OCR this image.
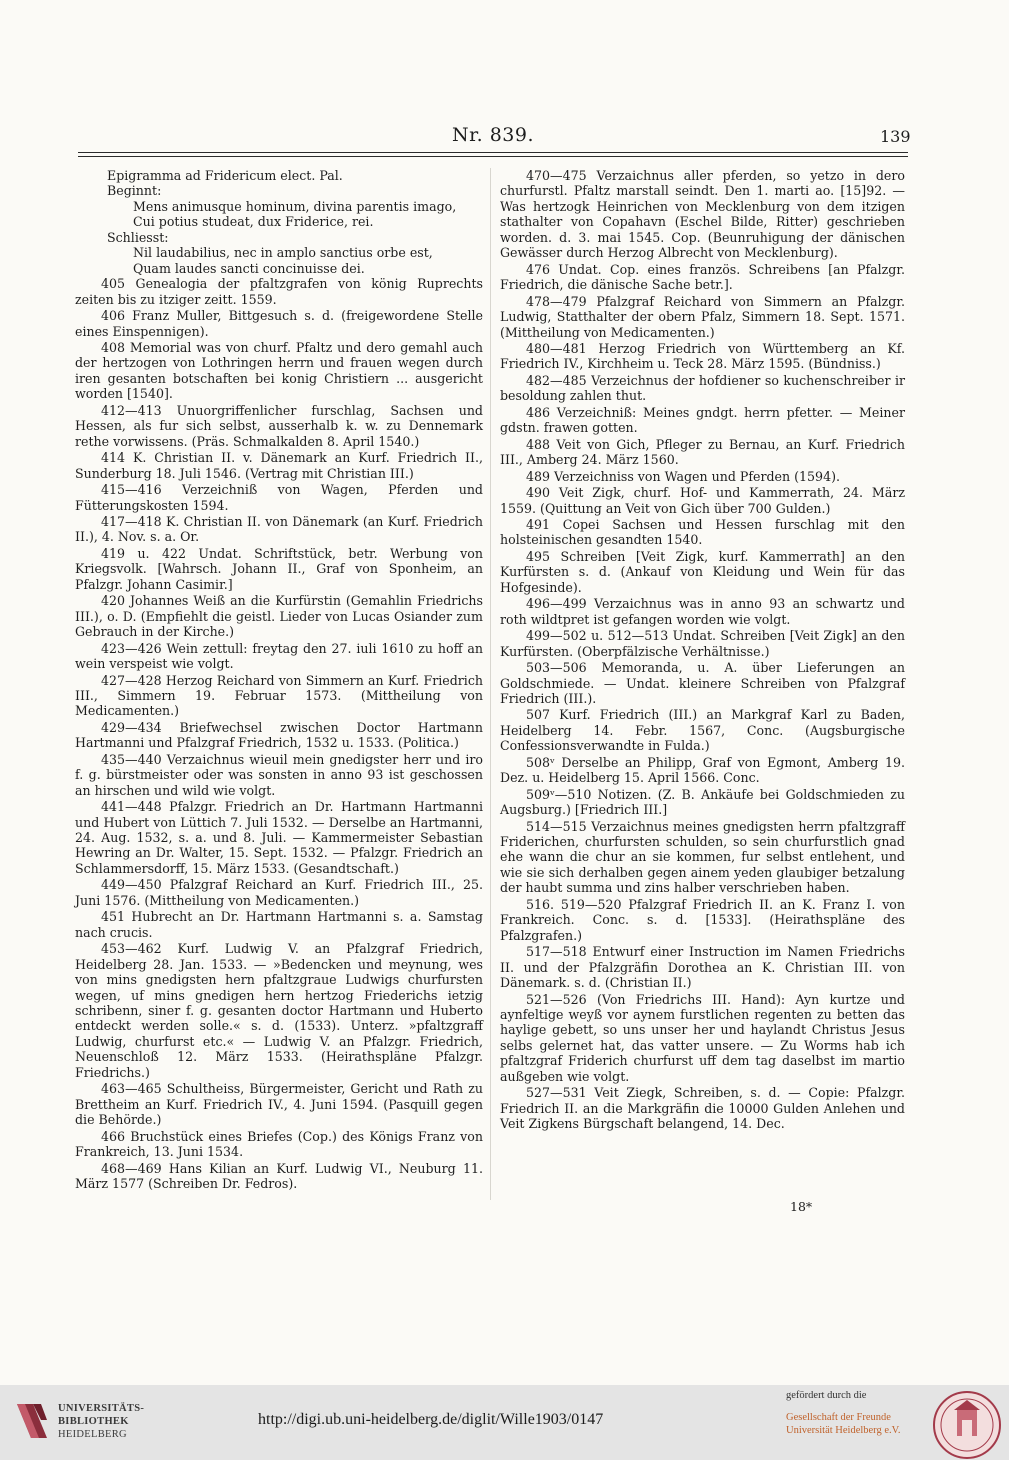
Nr. 839.	139
Epigramma ad Fridericum elect. Pal.
Beginnt:
Mens animusque hominum, divina parentis imago,
Cui potius studeat, dux Friderice, rei.
Schliesst:
Nil laudabilius, nec in amplo sanctius orbe est,
Quam laudes sancti concinuisse dei.

405 Genealogia der pfaltzgrafen von könig Ruprechts zeiten bis zu itziger zeitt. 1559.

406 Franz Muller, Bittgesuch s. d. (freigewordene Stelle eines Einspennigen).

408 Memorial was von churf. Pfaltz und dero gemahl auch der hertzogen von Lothringen herrn und frauen wegen durch iren gesanten botschaften bei konig Christiern ... ausgericht worden [1540].

412—413 Unuorgriffenlicher furschlag, Sachsen und Hessen, als fur sich selbst, ausserhalb k. w. zu Dennemark rethe vorwissens. (Präs. Schmalkalden 8. April 1540.)

414 K. Christian II. v. Dänemark an Kurf. Friedrich II., Sunderburg 18. Juli 1546. (Vertrag mit Christian III.)

415—416 Verzeichniß von Wagen, Pferden und Fütterungskosten 1594.

417—418 K. Christian II. von Dänemark (an Kurf. Friedrich II.), 4. Nov. s. a. Or.

419 u. 422 Undat. Schriftstück, betr. Werbung von Kriegsvolk. [Wahrsch. Johann II., Graf von Sponheim, an Pfalzgr. Johann Casimir.]

420 Johannes Weiß an die Kurfürstin (Gemahlin Friedrichs III.), o. D. (Empfiehlt die geistl. Lieder von Lucas Osiander zum Gebrauch in der Kirche.)

423—426 Wein zettull: freytag den 27. iuli 1610 zu hoff an wein verspeist wie volgt.

427—428 Herzog Reichard von Simmern an Kurf. Friedrich III., Simmern 19. Februar 1573. (Mittheilung von Medicamenten.)

429—434 Briefwechsel zwischen Doctor Hartmann Hartmanni und Pfalzgraf Friedrich, 1532 u. 1533. (Politica.)

435—440 Verzaichnus wieuil mein gnedigster herr und iro f. g. bürstmeister oder was sonsten in anno 93 ist geschossen an hirschen und wild wie volgt.

441—448 Pfalzgr. Friedrich an Dr. Hartmann Hartmanni und Hubert von Lüttich 7. Juli 1532. — Derselbe an Hartmanni, 24. Aug. 1532, s. a. und 8. Juli. — Kammermeister Sebastian Hewring an Dr. Walter, 15. Sept. 1532. — Pfalzgr. Friedrich an Schlammersdorff, 15. März 1533. (Gesandtschaft.)

449—450 Pfalzgraf Reichard an Kurf. Friedrich III., 25. Juni 1576. (Mittheilung von Medicamenten.)

451 Hubrecht an Dr. Hartmann Hartmanni s. a. Samstag nach crucis.

453—462 Kurf. Ludwig V. an Pfalzgraf Friedrich, Heidelberg 28. Jan. 1533. — »Bedencken und meynung, wes von mins gnedigsten hern pfaltzgraue Ludwigs churfursten wegen, uf mins gnedigen hern hertzog Friederichs ietzig schribenn, siner f. g. gesanten doctor Hartmann und Huberto entdeckt werden solle.« s. d. (1533). Unterz. »pfaltzgraff Ludwig, churfurst etc.« — Ludwig V. an Pfalzgr. Friedrich, Neuenschloß 12. März 1533. (Heirathspläne Pfalzgr. Friedrichs.)

463—465 Schultheiss, Bürgermeister, Gericht und Rath zu Brettheim an Kurf. Friedrich IV., 4. Juni 1594. (Pasquill gegen die Behörde.)

466 Bruchstück eines Briefes (Cop.) des Königs Franz von Frankreich, 13. Juni 1534.

468—469 Hans Kilian an Kurf. Ludwig VI., Neuburg 11. März 1577 (Schreiben Dr. Fedros).

470—475 Verzaichnus aller pferden, so yetzo in dero churfurstl. Pfaltz marstall seindt. Den 1. marti ao. [15]92. — Was hertzogk Heinrichen von Mecklenburg von dem itzigen stathalter von Copahavn (Eschel Bilde, Ritter) geschrieben worden. d. 3. mai 1545. Cop. (Beunruhigung der dänischen Gewässer durch Herzog Albrecht von Mecklenburg).

476 Undat. Cop. eines französ. Schreibens [an Pfalzgr. Friedrich, die dänische Sache betr.].

478—479 Pfalzgraf Reichard von Simmern an Pfalzgr. Ludwig, Statthalter der obern Pfalz, Simmern 18. Sept. 1571. (Mittheilung von Medicamenten.)

480—481 Herzog Friedrich von Württemberg an Kf. Friedrich IV., Kirchheim u. Teck 28. März 1595. (Bündniss.)

482—485 Verzeichnus der hofdiener so kuchenschreiber ir besoldung zahlen thut.

486 Verzeichniß: Meines gndgt. herrn pfetter. — Meiner gdstn. frawen gotten.

488 Veit von Gich, Pfleger zu Bernau, an Kurf. Friedrich III., Amberg 24. März 1560.

489 Verzeichniss von Wagen und Pferden (1594).

490 Veit Zigk, churf. Hof- und Kammerrath, 24. März 1559. (Quittung an Veit von Gich über 700 Gulden.)

491 Copei Sachsen und Hessen furschlag mit den holsteinischen gesandten 1540.

495 Schreiben [Veit Zigk, kurf. Kammerrath] an den Kurfürsten s. d. (Ankauf von Kleidung und Wein für das Hofgesinde).

496—499 Verzaichnus was in anno 93 an schwartz und roth wildtpret ist gefangen worden wie volgt.

499—502 u. 512—513 Undat. Schreiben [Veit Zigk] an den Kurfürsten. (Oberpfälzische Verhältnisse.)

503—506 Memoranda, u. A. über Lieferungen an Goldschmiede. — Undat. kleinere Schreiben von Pfalzgraf Friedrich (III.).

507 Kurf. Friedrich (III.) an Markgraf Karl zu Baden, Heidelberg 14. Febr. 1567, Conc. (Augsburgische Confessionsverwandte in Fulda.)

508ᵛ Derselbe an Philipp, Graf von Egmont, Amberg 19. Dez. u. Heidelberg 15. April 1566. Conc.

509ᵛ—510 Notizen. (Z. B. Ankäufe bei Goldschmieden zu Augsburg.) [Friedrich III.]

514—515 Verzaichnus meines gnedigsten herrn pfaltzgraff Friderichen, churfursten schulden, so sein churfurstlich gnad ehe wann die chur an sie kommen, fur selbst entlehent, und wie sie sich derhalben gegen ainem yeden glaubiger betzalung der haubt summa und zins halber verschrieben haben.

516. 519—520 Pfalzgraf Friedrich II. an K. Franz I. von Frankreich. Conc. s. d. [1533]. (Heirathspläne des Pfalzgrafen.)

517—518 Entwurf einer Instruction im Namen Friedrichs II. und der Pfalzgräfin Dorothea an K. Christian III. von Dänemark. s. d. (Christian II.)

521—526 (Von Friedrichs III. Hand): Ayn kurtze und aynfeltige weyß vor aynem furstlichen regenten zu betten das haylige gebett, so uns unser her und haylandt Christus Jesus selbs gelernet hat, das vatter unsere. — Zu Worms hab ich pfaltzgraf Friderich churfurst uff dem tag daselbst im martio außgeben wie volgt.

527—531 Veit Ziegk, Schreiben, s. d. — Copie: Pfalzgr. Friedrich II. an die Markgräfin die 10000 Gulden Anlehen und Veit Zigkens Bürgschaft belangend, 14. Dec.

18*
UNIVERSITÄTS-
BIBLIOTHEK
HEIDELBERG
http://digi.ub.uni-heidelberg.de/diglit/Wille1903/0147
gefördert durch die
Gesellschaft der Freunde
Universität Heidelberg e.V.
